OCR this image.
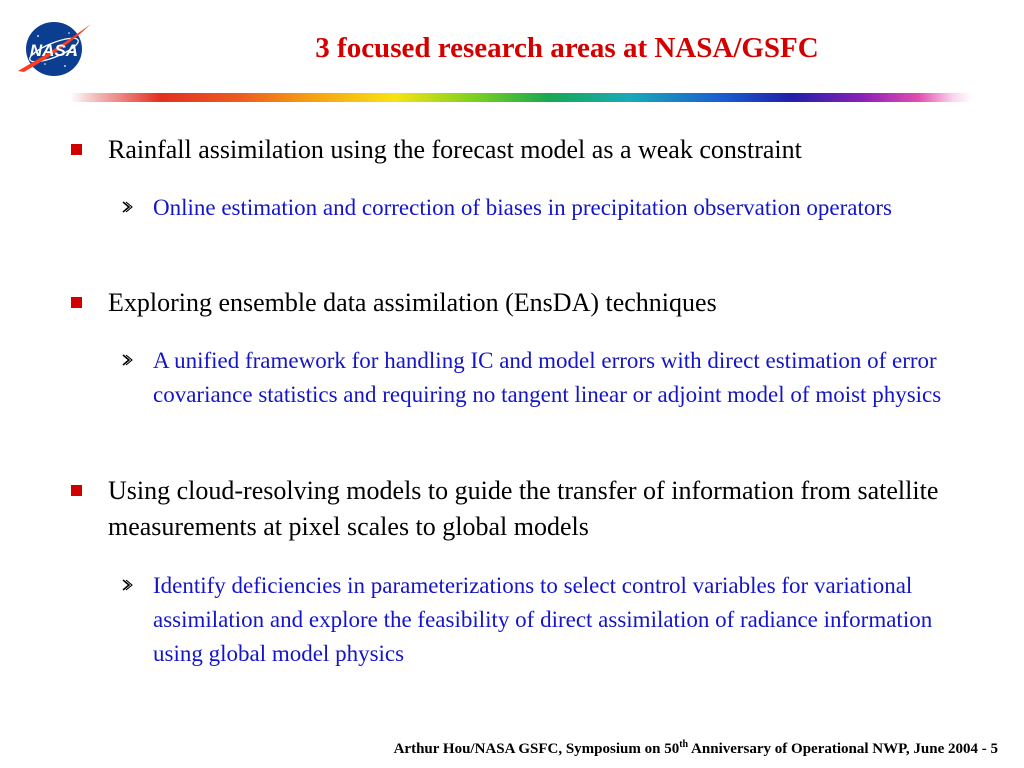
NASA	3 focused research areas at NASA/GSFC
Rainfall assimilation using the forecast model as a weak constraint
Online estimation and correction of biases in precipitation observation operators
Exploring ensemble data assimilation (EnsDA) techniques
A unified framework for handling IC and model errors with direct estimation of error covariance statistics and requiring no tangent linear or adjoint model of moist physics
Using cloud-resolving models to guide the transfer of information from satellite measurements at pixel scales to global models
Identify deficiencies in parameterizations to select control variables for variational assimilation and explore the feasibility of direct assimilation of radiance information using global model physics
Arthur Hou/NASA GSFC, Symposium on 50th Anniversary of Operational NWP, June 2004 - 5
